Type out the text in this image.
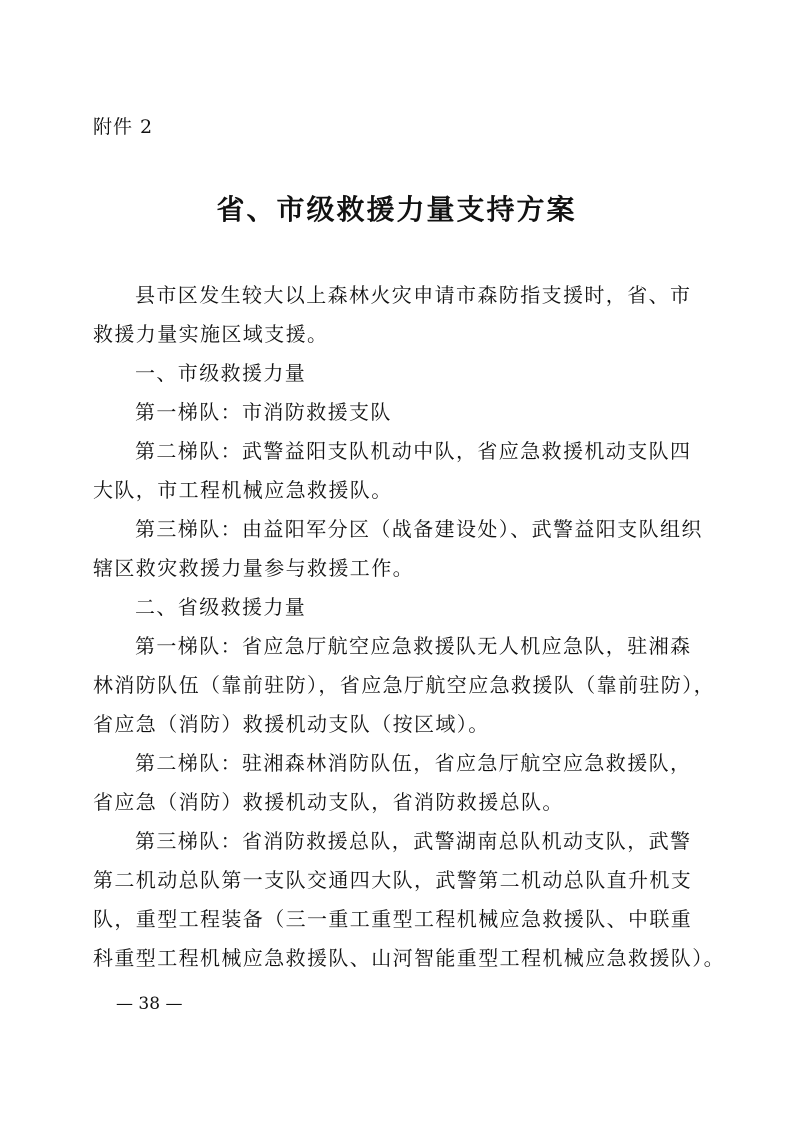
附件 2
省、市级救援力量支持方案
县市区发生较大以上森林火灾申请市森防指支援时，省、市
救援力量实施区域支援。
一、市级救援力量
第一梯队：市消防救援支队
第二梯队：武警益阳支队机动中队，省应急救援机动支队四
大队，市工程机械应急救援队。
第三梯队：由益阳军分区（战备建设处）、武警益阳支队组织
辖区救灾救援力量参与救援工作。
二、省级救援力量
第一梯队：省应急厅航空应急救援队无人机应急队，驻湘森
林消防队伍（靠前驻防），省应急厅航空应急救援队（靠前驻防），
省应急（消防）救援机动支队（按区域）。
第二梯队：驻湘森林消防队伍，省应急厅航空应急救援队，
省应急（消防）救援机动支队，省消防救援总队。
第三梯队：省消防救援总队，武警湖南总队机动支队，武警
第二机动总队第一支队交通四大队，武警第二机动总队直升机支
队，重型工程装备（三一重工重型工程机械应急救援队、中联重
科重型工程机械应急救援队、山河智能重型工程机械应急救援队）。
— 38 —
